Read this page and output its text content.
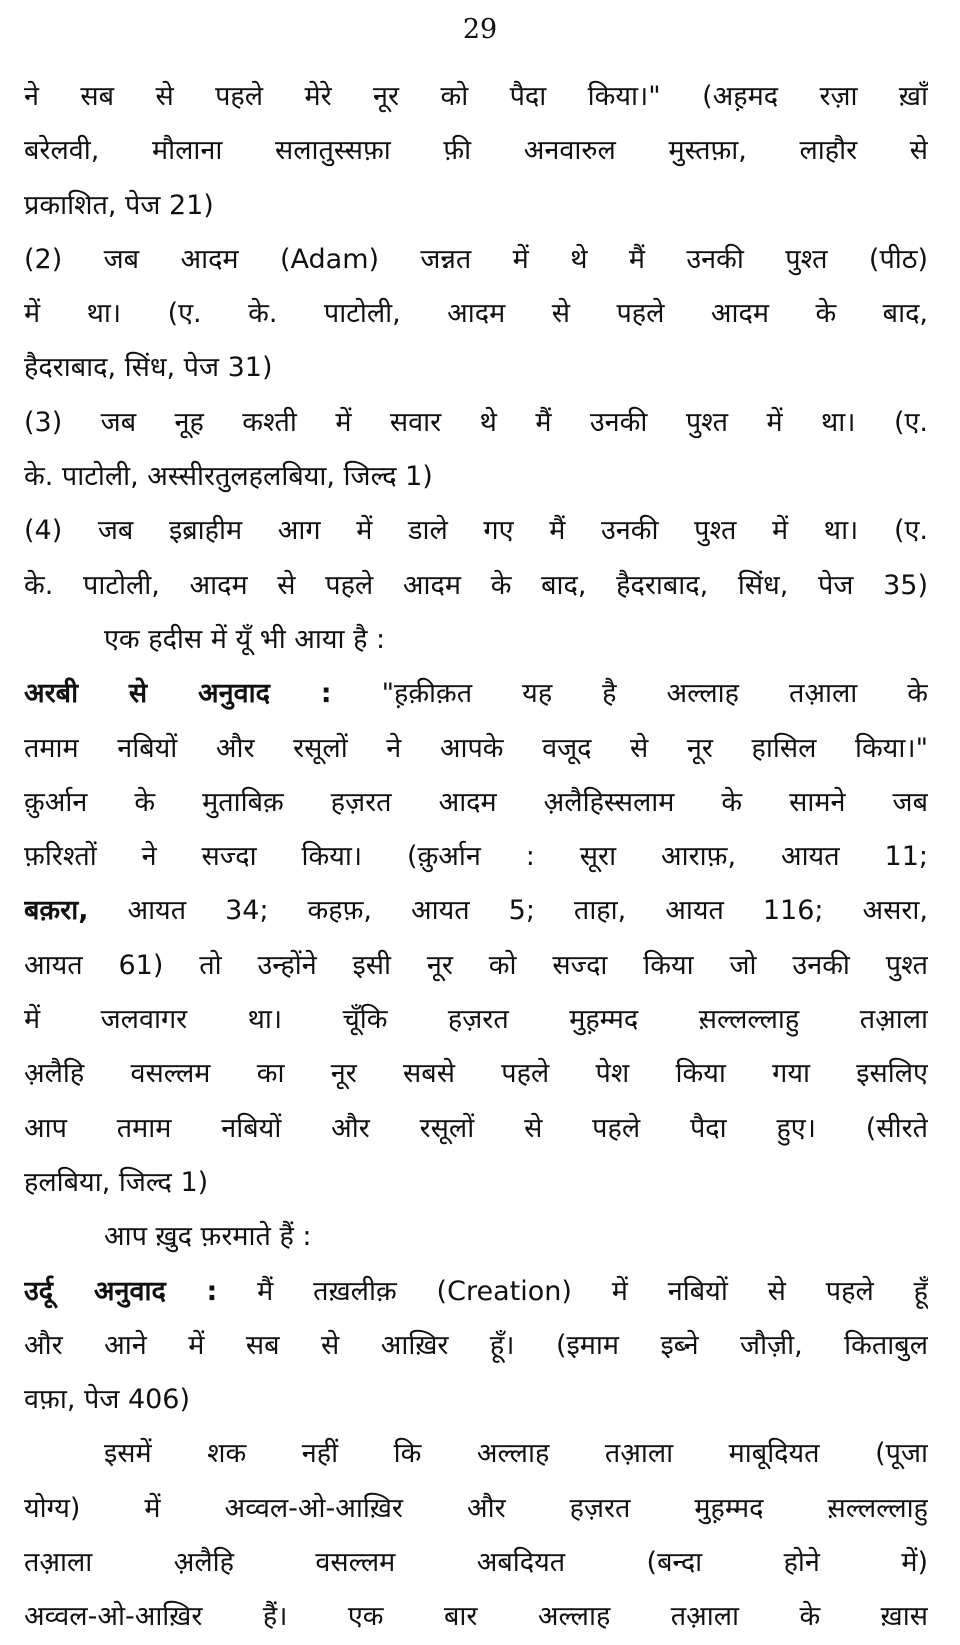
29
ने सब से पहले मेरे नूर को पैदा किया।" (अह़मद रज़ा ख़ाँ
बरेलवी, मौलाना सलातुस्सफ़ा फ़ी अनवारुल मुस्तफ़ा, लाहौर से
प्रकाशित, पेज 21)
(2) जब आदम (Adam) जन्नत में थे मैं उनकी पुश्त (पीठ)
में था। (ए. के. पाटोली, आदम से पहले आदम के बाद,
हैदराबाद, सिंध, पेज 31)
(3) जब नूह कश्ती में सवार थे मैं उनकी पुश्त में था। (ए.
के. पाटोली, अस्सीरतुलहलबिया, जिल्द 1)
(4) जब इब्राहीम आग में डाले गए मैं उनकी पुश्त में था। (ए.
के. पाटोली, आदम से पहले आदम के बाद, हैदराबाद, सिंध, पेज 35)
एक हदीस में यूँ भी आया है :
अरबी से अनुवाद : "ह़क़ीक़त यह है अल्लाह तआ़ला के
तमाम नबियों और रसूलों ने आपके वजूद से नूर हासिल किया।"
क़ुर्आन के मुताबिक़ हज़रत आदम अ़लैहिस्सलाम के सामने जब
फ़रिश्तों ने सज्दा किया। (क़ुर्आन : सूरा आराफ़, आयत 11;
बक़रा, आयत 34; कहफ़, आयत 5; ताहा, आयत 116; असरा,
आयत 61) तो उन्होंने इसी नूर को सज्दा किया जो उनकी पुश्त
में जलवागर था। चूँकि हज़रत मुह़म्मद स़ल्लल्लाहु तआ़ला
अ़लैहि वसल्लम का नूर सबसे पहले पेश किया गया इसलिए
आप तमाम नबियों और रसूलों से पहले पैदा हुए। (सीरते
हलबिया, जिल्द 1)
आप ख़ुद फ़रमाते हैं :
उर्दू अनुवाद : मैं तख़लीक़ (Creation) में नबियों से पहले हूँ
और आने में सब से आख़िर हूँ। (इमाम इब्ने जौज़ी, किताबुल
वफ़ा, पेज 406)
इसमें शक नहीं कि अल्लाह तआ़ला माबूदियत (पूजा
योग्य) में अव्वल-ओ-आख़िर और हज़रत मुह़म्मद स़ल्लल्लाहु
तआ़ला अ़लैहि वसल्लम अबदियत (बन्दा होने में)
अव्वल-ओ-आख़िर हैं। एक बार अल्लाह तआ़ला के ख़ास
